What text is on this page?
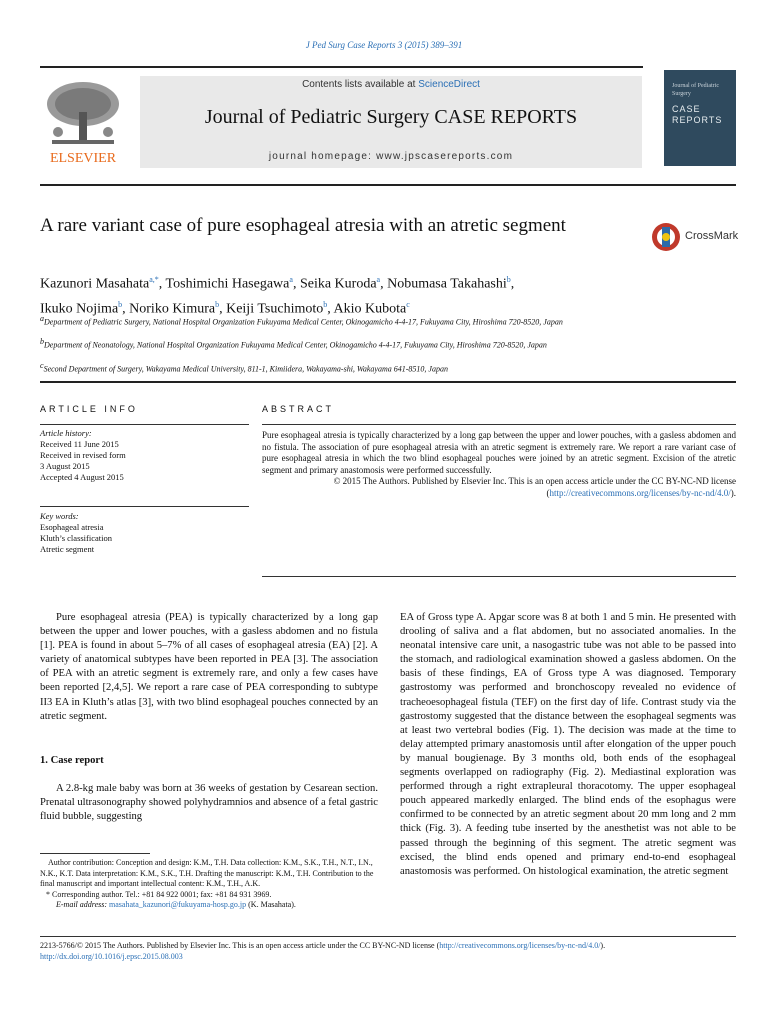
J Ped Surg Case Reports 3 (2015) 389–391
ELSEVIER
Contents lists available at ScienceDirect
Journal of Pediatric Surgery CASE REPORTS
journal homepage: www.jpscasereports.com
Journal of Pediatric Surgery
CASE REPORTS
A rare variant case of pure esophageal atresia with an atretic segment	CrossMark
Kazunori Masahata$^{a,*}$, Toshimichi Hasegawa$^a$, Seika Kuroda$^a$, Nobumasa Takahashi$^b$,
Ikuko Nojima$^b$, Noriko Kimura$^b$, Keiji Tsuchimoto$^b$, Akio Kubota$^c$
$^a$Department of Pediatric Surgery, National Hospital Organization Fukuyama Medical Center, Okinogamicho 4-4-17, Fukuyama City, Hiroshima 720-8520, Japan
$^b$Department of Neonatology, National Hospital Organization Fukuyama Medical Center, Okinogamicho 4-4-17, Fukuyama City, Hiroshima 720-8520, Japan
$^c$Second Department of Surgery, Wakayama Medical University, 811-1, Kimiidera, Wakayama-shi, Wakayama 641-8510, Japan
ARTICLE INFO
Article history:
Received 11 June 2015
Received in revised form
3 August 2015
Accepted 4 August 2015
Key words:
Esophageal atresia
Kluth’s classification
Atretic segment
ABSTRACT
Pure esophageal atresia is typically characterized by a long gap between the upper and lower pouches, with a gasless abdomen and no fistula. The association of pure esophageal atresia with an atretic segment is extremely rare. We report a rare variant case of pure esophageal atresia in which the two blind esophageal pouches were joined by an atretic segment. Excision of the atretic segment and primary anastomosis were performed successfully.
© 2015 The Authors. Published by Elsevier Inc. This is an open access article under the CC BY-NC-ND license (http://creativecommons.org/licenses/by-nc-nd/4.0/).
Pure esophageal atresia (PEA) is typically characterized by a long gap between the upper and lower pouches, with a gasless abdomen and no fistula [1]. PEA is found in about 5–7% of all cases of esophageal atresia (EA) [2]. A variety of anatomical subtypes have been reported in PEA [3]. The association of PEA with an atretic segment is extremely rare, and only a few cases have been reported [2,4,5]. We report a rare case of PEA corresponding to subtype II3 EA in Kluth’s atlas [3], with two blind esophageal pouches connected by an atretic segment.
1. Case report
A 2.8-kg male baby was born at 36 weeks of gestation by Cesarean section. Prenatal ultrasonography showed polyhydramnios and absence of a fetal gastric fluid bubble, suggesting
Author contribution: Conception and design: K.M., T.H. Data collection: K.M., S.K., T.H., N.T., I.N., N.K., K.T. Data interpretation: K.M., S.K., T.H. Drafting the manuscript: K.M., T.H. Contribution to the final manuscript and important intellectual content: K.M., T.H., A.K.
* Corresponding author. Tel.: +81 84 922 0001; fax: +81 84 931 3969.
E-mail address: masahata_kazunori@fukuyama-hosp.go.jp (K. Masahata).
EA of Gross type A. Apgar score was 8 at both 1 and 5 min. He presented with drooling of saliva and a flat abdomen, but no associated anomalies. In the neonatal intensive care unit, a nasogastric tube was not able to be passed into the stomach, and radiological examination showed a gasless abdomen. On the basis of these findings, EA of Gross type A was diagnosed. Temporary gastrostomy was performed and bronchoscopy revealed no evidence of tracheoesophageal fistula (TEF) on the first day of life. Contrast study via the gastrostomy suggested that the distance between the esophageal segments was at least two vertebral bodies (Fig. 1). The decision was made at the time to delay attempted primary anastomosis until after elongation of the upper pouch by manual bougienage. By 3 months old, both ends of the esophageal segments overlapped on radiography (Fig. 2). Mediastinal exploration was performed through a right extrapleural thoracotomy. The upper esophageal pouch appeared markedly enlarged. The blind ends of the esophagus were confirmed to be connected by an atretic segment about 20 mm long and 2 mm thick (Fig. 3). A feeding tube inserted by the anesthetist was not able to be passed through the beginning of this segment. The atretic segment was excised, the blind ends opened and primary end-to-end esophageal anastomosis was performed. On histological examination, the atretic segment
2213-5766/© 2015 The Authors. Published by Elsevier Inc. This is an open access article under the CC BY-NC-ND license (http://creativecommons.org/licenses/by-nc-nd/4.0/).
http://dx.doi.org/10.1016/j.epsc.2015.08.003
